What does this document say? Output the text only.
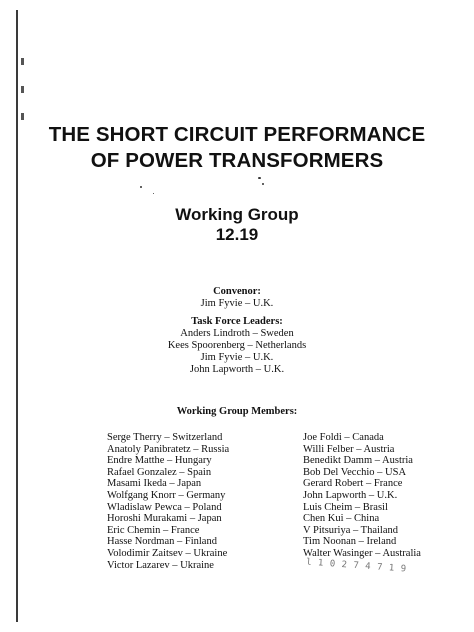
THE SHORT CIRCUIT PERFORMANCE
OF POWER TRANSFORMERS
Working Group
12.19
Convenor:
Jim Fyvie – U.K.
Task Force Leaders:
Anders Lindroth – Sweden
Kees Spoorenberg – Netherlands
Jim Fyvie – U.K.
John Lapworth – U.K.
Working Group Members:
Serge Therry – Switzerland
Anatoly Panibratetz – Russia
Endre Matthe – Hungary
Rafael Gonzalez – Spain
Masami Ikeda – Japan
Wolfgang Knorr – Germany
Wladislaw Pewca – Poland
Horoshi Murakami – Japan
Eric Chemin – France
Hasse Nordman – Finland
Volodimir Zaitsev – Ukraine
Victor Lazarev – Ukraine
Joe Foldi – Canada
Willi Felber – Austria
Benedikt Damm – Austria
Bob Del Vecchio – USA
Gerard Robert – France
John Lapworth – U.K.
Luis Cheim – Brasil
Chen Kui – China
V Pitsuriya – Thailand
Tim Noonan – Ireland
Walter Wasinger – Australia
l 1 0 2 7 4 7 1 9
